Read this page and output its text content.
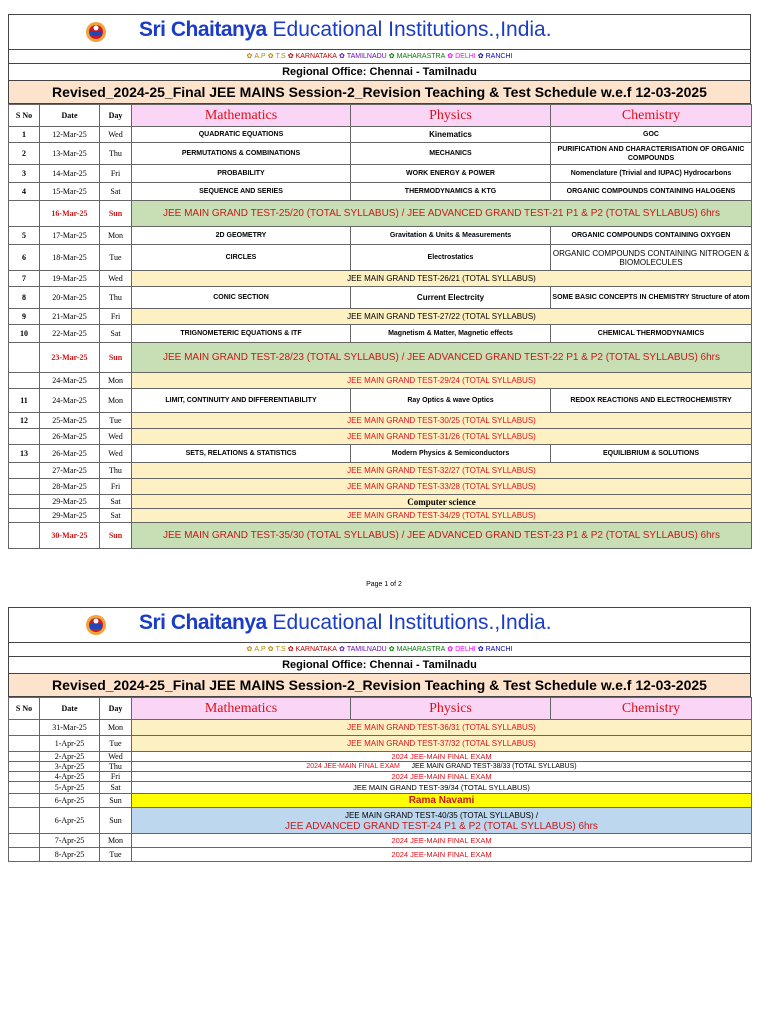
Sri Chaitanya Educational Institutions.,India.
✿ A.P ✿ T.S ✿ KARNATAKA ✿ TAMILNADU ✿ MAHARASTRA ✿ DELHI ✿ RANCHI
Regional Office: Chennai - Tamilnadu
Revised_2024-25_Final JEE MAINS Session-2_Revision Teaching & Test Schedule w.e.f 12-03-2025
S No	Date	Day	Mathematics	Physics	Chemistry
1	12-Mar-25	Wed	QUADRATIC EQUATIONS	Kinematics	GOC
2	13-Mar-25	Thu	PERMUTATIONS & COMBINATIONS	MECHANICS	PURIFICATION AND CHARACTERISATION OF ORGANIC COMPOUNDS
3	14-Mar-25	Fri	PROBABILITY	WORK ENERGY & POWER	Nomenclature (Trivial and IUPAC) Hydrocarbons
4	15-Mar-25	Sat	SEQUENCE AND SERIES	THERMODYNAMICS & KTG	ORGANIC COMPOUNDS CONTAINING HALOGENS
	16-Mar-25	Sun	JEE MAIN GRAND TEST-25/20 (TOTAL SYLLABUS) / JEE ADVANCED GRAND TEST-21 P1 & P2 (TOTAL SYLLABUS) 6hrs		
5	17-Mar-25	Mon	2D GEOMETRY	Gravitation & Units & Measurements	ORGANIC COMPOUNDS CONTAINING OXYGEN
6	18-Mar-25	Tue	CIRCLES	Electrostatics	ORGANIC COMPOUNDS CONTAINING NITROGEN & BIOMOLECULES
7	19-Mar-25	Wed	JEE MAIN GRAND TEST-26/21 (TOTAL SYLLABUS)		
8	20-Mar-25	Thu	CONIC SECTION	Current Electrcity	SOME BASIC CONCEPTS IN CHEMISTRY Structure of atom
9	21-Mar-25	Fri	JEE MAIN GRAND TEST-27/22 (TOTAL SYLLABUS)		
10	22-Mar-25	Sat	TRIGNOMETERIC EQUATIONS & ITF	Magnetism & Matter, Magnetic effects	CHEMICAL THERMODYNAMICS
	23-Mar-25	Sun	JEE MAIN GRAND TEST-28/23 (TOTAL SYLLABUS) / JEE ADVANCED GRAND TEST-22 P1 & P2 (TOTAL SYLLABUS) 6hrs		
	24-Mar-25	Mon	JEE MAIN GRAND TEST-29/24 (TOTAL SYLLABUS)		
11	24-Mar-25	Mon	LIMIT, CONTINUITY AND DIFFERENTIABILITY	Ray Optics & wave Optics	REDOX REACTIONS AND ELECTROCHEMISTRY
12	25-Mar-25	Tue	JEE MAIN GRAND TEST-30/25 (TOTAL SYLLABUS)		
	26-Mar-25	Wed	JEE MAIN GRAND TEST-31/26 (TOTAL SYLLABUS)		
13	26-Mar-25	Wed	SETS, RELATIONS & STATISTICS	Modern Physics & Semiconductors	EQUILIBRIUM & SOLUTIONS
	27-Mar-25	Thu	JEE MAIN GRAND TEST-32/27 (TOTAL SYLLABUS)		
	28-Mar-25	Fri	JEE MAIN GRAND TEST-33/28 (TOTAL SYLLABUS)		
	29-Mar-25	Sat	Computer science		
	29-Mar-25	Sat	JEE MAIN GRAND TEST-34/29 (TOTAL SYLLABUS)		
	30-Mar-25	Sun	JEE MAIN GRAND TEST-35/30 (TOTAL SYLLABUS) / JEE ADVANCED GRAND TEST-23 P1 & P2 (TOTAL SYLLABUS) 6hrs		
Page 1 of 2
Sri Chaitanya Educational Institutions.,India.
✿ A.P ✿ T.S ✿ KARNATAKA ✿ TAMILNADU ✿ MAHARASTRA ✿ DELHI ✿ RANCHI
Regional Office: Chennai - Tamilnadu
Revised_2024-25_Final JEE MAINS Session-2_Revision Teaching & Test Schedule w.e.f 12-03-2025
S No	Date	Day	Mathematics	Physics	Chemistry
	31-Mar-25	Mon	JEE MAIN GRAND TEST-36/31 (TOTAL SYLLABUS)		
	1-Apr-25	Tue	JEE MAIN GRAND TEST-37/32 (TOTAL SYLLABUS)		
	2-Apr-25	Wed	2024 JEE-MAIN FINAL EXAM		
	3-Apr-25	Thu	2024 JEE-MAIN FINAL EXAM JEE MAIN GRAND TEST-38/33 (TOTAL SYLLABUS)		
	4-Apr-25	Fri	2024 JEE-MAIN FINAL EXAM		
	5-Apr-25	Sat	JEE MAIN GRAND TEST-39/34 (TOTAL SYLLABUS)		
	6-Apr-25	Sun	Rama Navami		
	6-Apr-25	Sun	JEE MAIN GRAND TEST-40/35 (TOTAL SYLLABUS) /
JEE ADVANCED GRAND TEST-24 P1 & P2 (TOTAL SYLLABUS) 6hrs		

	7-Apr-25	Mon	2024 JEE-MAIN FINAL EXAM		
	8-Apr-25	Tue	2024 JEE-MAIN FINAL EXAM		
